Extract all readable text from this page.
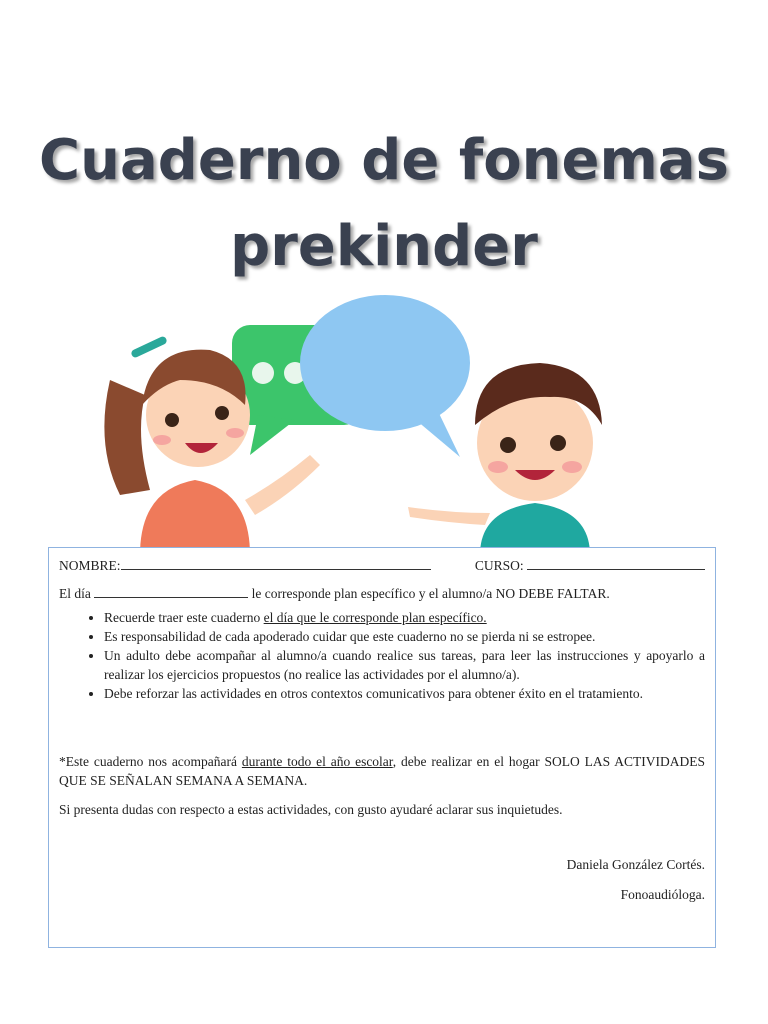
Cuaderno de fonemas
prekinder
NOMBRE:	CURSO:
El día	le corresponde plan específico y el alumno/a NO DEBE FALTAR.
• Recuerde traer este cuaderno el día que le corresponde plan específico.
• Es responsabilidad de cada apoderado cuidar que este cuaderno no se pierda ni se estropee.
• Un adulto debe acompañar al alumno/a cuando realice sus tareas, para leer las instrucciones y apoyarlo a realizar los ejercicios propuestos (no realice las actividades por el alumno/a).
• Debe reforzar las actividades en otros contextos comunicativos para obtener éxito en el tratamiento.
*Este cuaderno nos acompañará durante todo el año escolar, debe realizar en el hogar SOLO LAS ACTIVIDADES QUE SE SEÑALAN SEMANA A SEMANA.
Si presenta dudas con respecto a estas actividades, con gusto ayudaré aclarar sus inquietudes.
Daniela González Cortés.
Fonoaudióloga.
